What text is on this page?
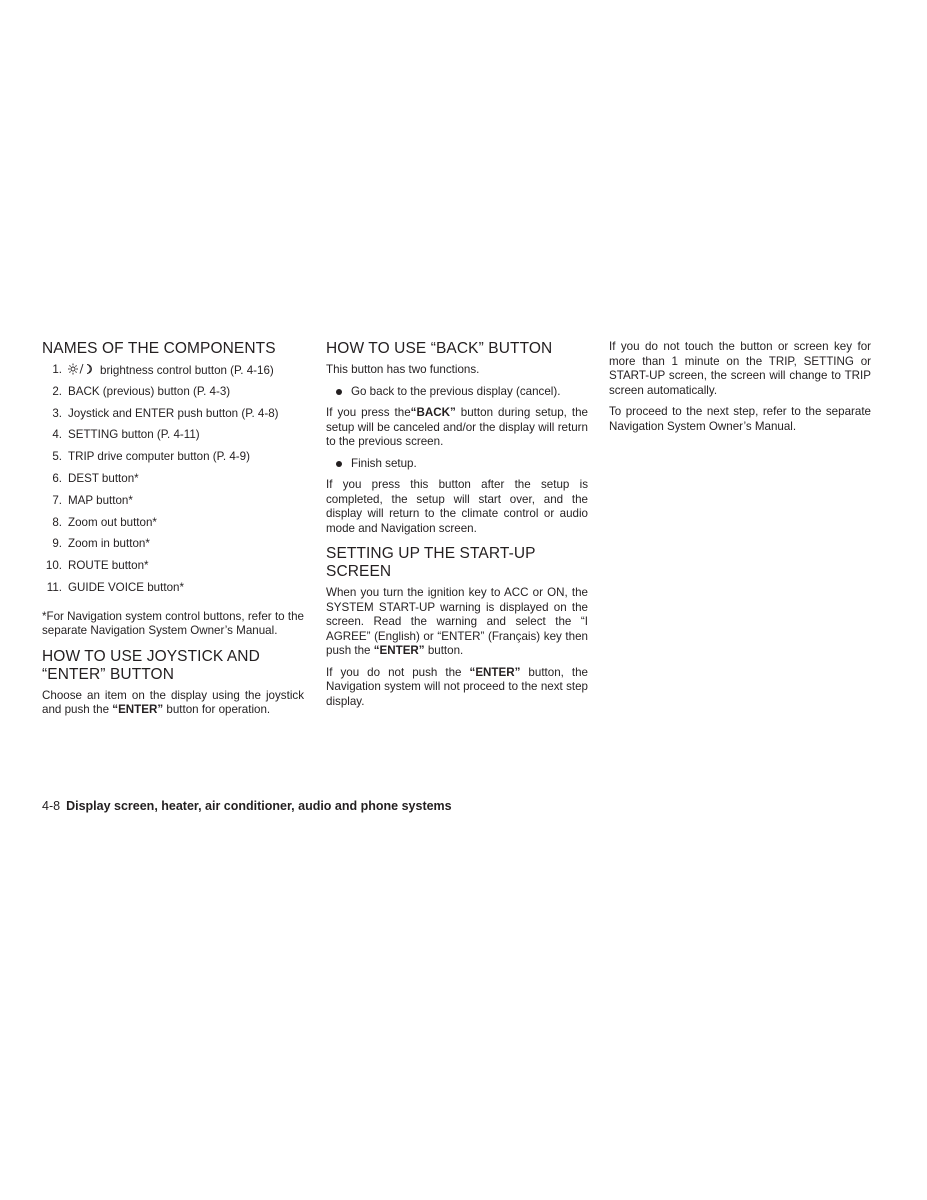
NAMES OF THE COMPONENTS
1.	brightness control button (P. 4-16)
2. BACK (previous) button (P. 4-3)
3. Joystick and ENTER push button (P. 4-8)
4. SETTING button (P. 4-11)
5. TRIP drive computer button (P. 4-9)
6. DEST button*
7. MAP button*
8. Zoom out button*
9. Zoom in button*
10. ROUTE button*
11. GUIDE VOICE button*

*For Navigation system control buttons, refer to the separate Navigation System Owner’s Manual.

HOW TO USE JOYSTICK AND
“ENTER” BUTTON

Choose an item on the display using the joystick and push the “ENTER” button for operation.

HOW TO USE “BACK” BUTTON

This button has two functions.

Go back to the previous display (cancel).

If you press the“BACK” button during setup, the setup will be canceled and/or the display will return to the previous screen.

Finish setup.

If you press this button after the setup is completed, the setup will start over, and the display will return to the climate control or audio mode and Navigation screen.

SETTING UP THE START-UP
SCREEN

When you turn the ignition key to ACC or ON, the SYSTEM START-UP warning is displayed on the screen. Read the warning and select the “I AGREE” (English) or “ENTER” (Français) key then push the “ENTER” button.

If you do not push the “ENTER” button, the Navigation system will not proceed to the next step display.

If you do not touch the button or screen key for more than 1 minute on the TRIP, SETTING or START-UP screen, the screen will change to TRIP screen automatically.

To proceed to the next step, refer to the separate Navigation System Owner’s Manual.

4-8 Display screen, heater, air conditioner, audio and phone systems
